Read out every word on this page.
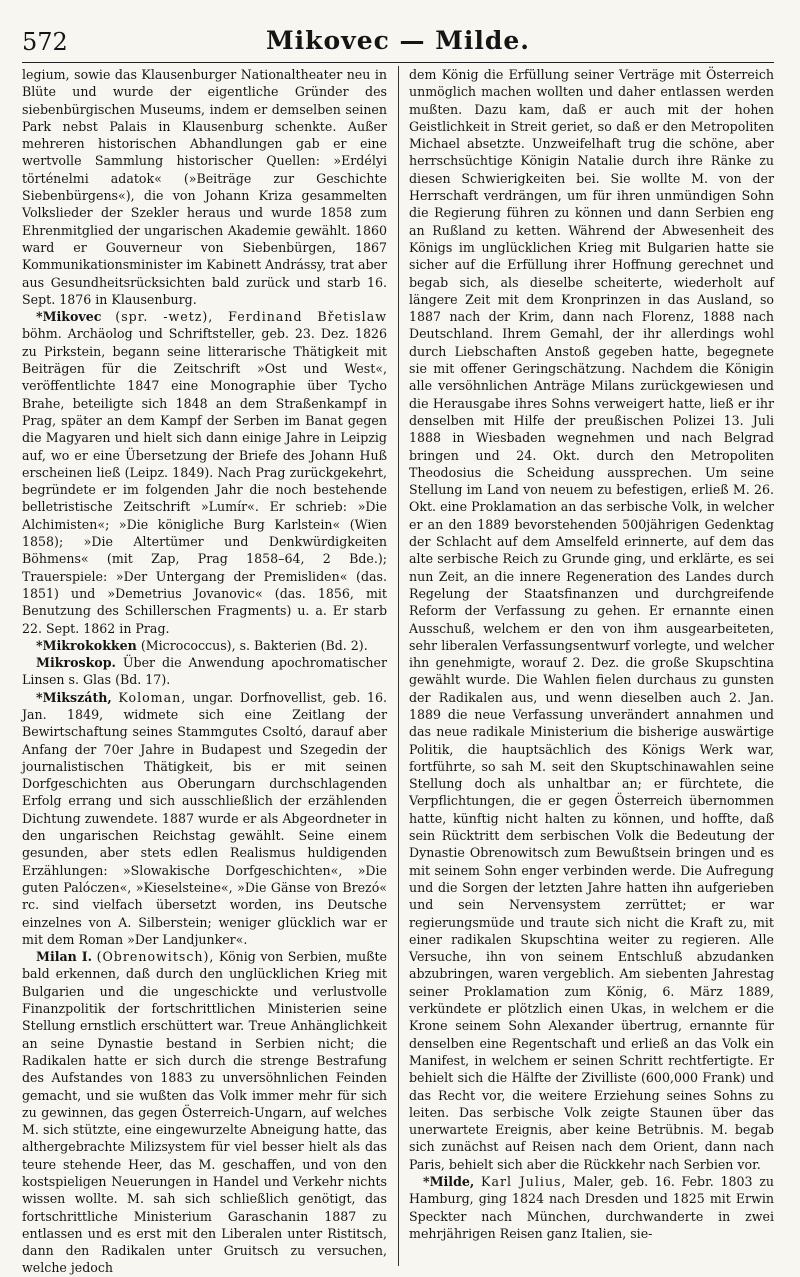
572	Mikovec — Milde.

legium, sowie das Klausenburger Nationaltheater neu in Blüte und wurde der eigentliche Gründer des siebenbürgischen Museums, indem er demselben seinen Park nebst Palais in Klausenburg schenkte. Außer mehreren historischen Abhandlungen gab er eine wertvolle Sammlung historischer Quellen: »Erdélyi történelmi adatok« (»Beiträge zur Geschichte Siebenbürgens«), die von Johann Kriza gesammelten Volkslieder der Szekler heraus und wurde 1858 zum Ehrenmitglied der ungarischen Akademie gewählt. 1860 ward er Gouverneur von Siebenbürgen, 1867 Kommunikationsminister im Kabinett Andrássy, trat aber aus Gesundheitsrücksichten bald zurück und starb 16. Sept. 1876 in Klausenburg.

*Mikovec (spr. -wetz), Ferdinand Břetislaw böhm. Archäolog und Schriftsteller, geb. 23. Dez. 1826 zu Pirkstein, begann seine litterarische Thätigkeit mit Beiträgen für die Zeitschrift »Ost und West«, veröffentlichte 1847 eine Monographie über Tycho Brahe, beteiligte sich 1848 an dem Straßenkampf in Prag, später an dem Kampf der Serben im Banat gegen die Magyaren und hielt sich dann einige Jahre in Leipzig auf, wo er eine Übersetzung der Briefe des Johann Huß erscheinen ließ (Leipz. 1849). Nach Prag zurückgekehrt, begründete er im folgenden Jahr die noch bestehende belletristische Zeitschrift »Lumír«. Er schrieb: »Die Alchimisten«; »Die königliche Burg Karlstein« (Wien 1858); »Die Altertümer und Denkwürdigkeiten Böhmens« (mit Zap, Prag 1858–64, 2 Bde.); Trauerspiele: »Der Untergang der Premisliden« (das. 1851) und »Demetrius Jovanovic« (das. 1856, mit Benutzung des Schillerschen Fragments) u. a. Er starb 22. Sept. 1862 in Prag.

*Mikrokokken (Micrococcus), s. Bakterien (Bd. 2).

Mikroskop. Über die Anwendung apochromatischer Linsen s. Glas (Bd. 17).

*Mikszáth, Koloman, ungar. Dorfnovellist, geb. 16. Jan. 1849, widmete sich eine Zeitlang der Bewirtschaftung seines Stammgutes Csoltó, darauf aber Anfang der 70er Jahre in Budapest und Szegedin der journalistischen Thätigkeit, bis er mit seinen Dorfgeschichten aus Oberungarn durchschlagenden Erfolg errang und sich ausschließlich der erzählenden Dichtung zuwendete. 1887 wurde er als Abgeordneter in den ungarischen Reichstag gewählt. Seine einem gesunden, aber stets edlen Realismus huldigenden Erzählungen: »Slowakische Dorfgeschichten«, »Die guten Palóczen«, »Kieselsteine«, »Die Gänse von Brezó« rc. sind vielfach übersetzt worden, ins Deutsche einzelnes von A. Silberstein; weniger glücklich war er mit dem Roman »Der Landjunker«.

Milan I. (Obrenowitsch), König von Serbien, mußte bald erkennen, daß durch den unglücklichen Krieg mit Bulgarien und die ungeschickte und verlustvolle Finanzpolitik der fortschrittlichen Ministerien seine Stellung ernstlich erschüttert war. Treue Anhänglichkeit an seine Dynastie bestand in Serbien nicht; die Radikalen hatte er sich durch die strenge Bestrafung des Aufstandes von 1883 zu unversöhnlichen Feinden gemacht, und sie wußten das Volk immer mehr für sich zu gewinnen, das gegen Österreich-Ungarn, auf welches M. sich stützte, eine eingewurzelte Abneigung hatte, das althergebrachte Milizsystem für viel besser hielt als das teure stehende Heer, das M. geschaffen, und von den kostspieligen Neuerungen in Handel und Verkehr nichts wissen wollte. M. sah sich schließlich genötigt, das fortschrittliche Ministerium Garaschanin 1887 zu entlassen und es erst mit den Liberalen unter Ristitsch, dann den Radikalen unter Gruitsch zu versuchen, welche jedoch

dem König die Erfüllung seiner Verträge mit Österreich unmöglich machen wollten und daher entlassen werden mußten. Dazu kam, daß er auch mit der hohen Geistlichkeit in Streit geriet, so daß er den Metropoliten Michael absetzte. Unzweifelhaft trug die schöne, aber herrschsüchtige Königin Natalie durch ihre Ränke zu diesen Schwierigkeiten bei. Sie wollte M. von der Herrschaft verdrängen, um für ihren unmündigen Sohn die Regierung führen zu können und dann Serbien eng an Rußland zu ketten. Während der Abwesenheit des Königs im unglücklichen Krieg mit Bulgarien hatte sie sicher auf die Erfüllung ihrer Hoffnung gerechnet und begab sich, als dieselbe scheiterte, wiederholt auf längere Zeit mit dem Kronprinzen in das Ausland, so 1887 nach der Krim, dann nach Florenz, 1888 nach Deutschland. Ihrem Gemahl, der ihr allerdings wohl durch Liebschaften Anstoß gegeben hatte, begegnete sie mit offener Geringschätzung. Nachdem die Königin alle versöhnlichen Anträge Milans zurückgewiesen und die Herausgabe ihres Sohns verweigert hatte, ließ er ihr denselben mit Hilfe der preußischen Polizei 13. Juli 1888 in Wiesbaden wegnehmen und nach Belgrad bringen und 24. Okt. durch den Metropoliten Theodosius die Scheidung aussprechen. Um seine Stellung im Land von neuem zu befestigen, erließ M. 26. Okt. eine Proklamation an das serbische Volk, in welcher er an den 1889 bevorstehenden 500jährigen Gedenktag der Schlacht auf dem Amselfeld erinnerte, auf dem das alte serbische Reich zu Grunde ging, und erklärte, es sei nun Zeit, an die innere Regeneration des Landes durch Regelung der Staatsfinanzen und durchgreifende Reform der Verfassung zu gehen. Er ernannte einen Ausschuß, welchem er den von ihm ausgearbeiteten, sehr liberalen Verfassungsentwurf vorlegte, und welcher ihn genehmigte, worauf 2. Dez. die große Skupschtina gewählt wurde. Die Wahlen fielen durchaus zu gunsten der Radikalen aus, und wenn dieselben auch 2. Jan. 1889 die neue Verfassung unverändert annahmen und das neue radikale Ministerium die bisherige auswärtige Politik, die hauptsächlich des Königs Werk war, fortführte, so sah M. seit den Skuptschinawahlen seine Stellung doch als unhaltbar an; er fürchtete, die Verpflichtungen, die er gegen Österreich übernommen hatte, künftig nicht halten zu können, und hoffte, daß sein Rücktritt dem serbischen Volk die Bedeutung der Dynastie Obrenowitsch zum Bewußtsein bringen und es mit seinem Sohn enger verbinden werde. Die Aufregung und die Sorgen der letzten Jahre hatten ihn aufgerieben und sein Nervensystem zerrüttet; er war regierungsmüde und traute sich nicht die Kraft zu, mit einer radikalen Skupschtina weiter zu regieren. Alle Versuche, ihn von seinem Entschluß abzudanken abzubringen, waren vergeblich. Am siebenten Jahrestag seiner Proklamation zum König, 6. März 1889, verkündete er plötzlich einen Ukas, in welchem er die Krone seinem Sohn Alexander übertrug, ernannte für denselben eine Regentschaft und erließ an das Volk ein Manifest, in welchem er seinen Schritt rechtfertigte. Er behielt sich die Hälfte der Zivilliste (600,000 Frank) und das Recht vor, die weitere Erziehung seines Sohns zu leiten. Das serbische Volk zeigte Staunen über das unerwartete Ereignis, aber keine Betrübnis. M. begab sich zunächst auf Reisen nach dem Orient, dann nach Paris, behielt sich aber die Rückkehr nach Serbien vor.

*Milde, Karl Julius, Maler, geb. 16. Febr. 1803 zu Hamburg, ging 1824 nach Dresden und 1825 mit Erwin Speckter nach München, durchwanderte in zwei mehrjährigen Reisen ganz Italien, sie-
